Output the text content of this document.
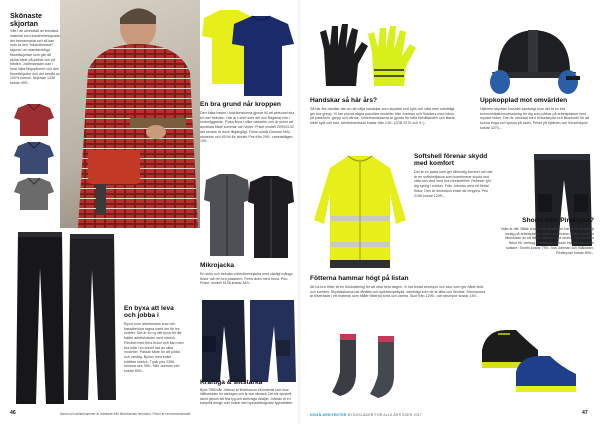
Skönaste skjortan
Vått i alt utvecklad av tekniska material som insiderrdesignade det bemannasta och så kan man ta den "bästvärmaste" skjorta i en standardoliga flanellskjortan som går att sköta både på jobbet och på fritiden. Jobbmansam kan i hela olika färgoptioner och den flanellskjortor och det består av 100% bomull. Skjortan 1336 kostar 499:-.
En bra grund når kroppen
Den fukta basen i funktionskorna gjorde till att personal ska bli mer bekväm. Här är t-shirt som det och Baganat inte i underliggande. Fluka finns i olika varianter och är skönt att använda både sommar och vinter. Priset modell 2099/2132 det senare är dock tillgängligt. Finns också Cinnose MAL storlekar och 65:94 för storlek Pris från 299:- varieratlägen 199:-.
Mikrojacka
En skön och bekväm mikrofleecejacka med väldigt många fickor och en bra passform. Finns även med huva. Pris: Priset: modell 5108 kostar 849:-.
En byxa att leva och jobba i
Byxor som arbetsmans krav och basalbehövs tagna hand om för tre kvarter. Det är en ny lätt byxa för lite bättre arbetshandel med stretch. Flexibel med flera fickor och kan med bra sitta i en bredd rad av olika modeller. Passar både för att jobba och vardag. Byxan med enkel tvättbar stretch. Tryck pris 2398, hemma ses 399:- från Jobman och kostar 899:-.
Kraftiga & slitstarka
Byxa 7565 från Jobman är tillverkad av ett material som ökar hållbarheten för vardagen och är mer slitstark. Det blir speciellt skönt genom sitt fina tyg och stretchiga detaljer. Jobman är en komplett design som kostar med specialdesignade tygkvaliteter.
46	Namn och artikelnummer är hämtade från tillverkarnas hemsidor. Priser är rekommenderade.
Handskar så här års?
Så här års handlar det om att välja handskar som skyddar mot kyla och väta men samtidigt ger bra grepp. Vi har provat några populära modeller från Jobman och Snickers med fokus på passform, grepp och värme. Vinterhandskarna är gjorda för tuffa förhållanden och klarar både kyla och fukt. Arbetshandskar kostar från 149:- (JOB 2070 och 9:-).
Uppkopplad mot omvärlden
Hjälmen skyddar huvudet samtidigt som det är en bra kommunikationsutrustning för dig som jobbar på arbetsplatser med mycket buller. Den är utrustad med hörselskydd och Bluetooth för att kunna ringa och lyssna på radio. Priset på hjälmen och hörselskydd kostar 3275:-.
Softshell förenar skydd med komfort
Det är en jacka som ger tålmodig komfort och det är en softshelljacka som kombinerar skydd mot väta och vind med bra rörelsefrihet. Reflexer gör dig synlig i mörker. Från Jobman med ett flertal fickor. Den är dessutom enkel att rengöra. Pris 2196 kostar 1299:-.
Shorts eller Piratbyxa?
Valet är ditt. Både shorts och piratbyxor har blivit ett vanligt inslag på arbetsplatser under sommaren. Våra shorts är tillverkade av ett tåligt material med stretch och har flera fickor för verktyg. Piratbyxan passar bra när det är lite svalare. Shorts kostar 799:- hos Jobman och Blåkläder, Piratbyxan kostar 899:-.
Fötterna hammar högt på listan
Att ha bra fötter är en förutsättning för att orka hela dagen. Vi har testat strumpor och skor som ger både stöd och komfort. Skyddsskorna har tåhätta och spiktrampskydd, samtidigt som de är lätta och flexibla. Strumporna är tillverkade i ett material som håller fötterna torra och varma. Skor från 1295:- och strumpor kostar 149:-.
NIVAN ARKITEKTER BYGGKLÄDER FÖR ALLA ÅRSTIDER 2017	47
